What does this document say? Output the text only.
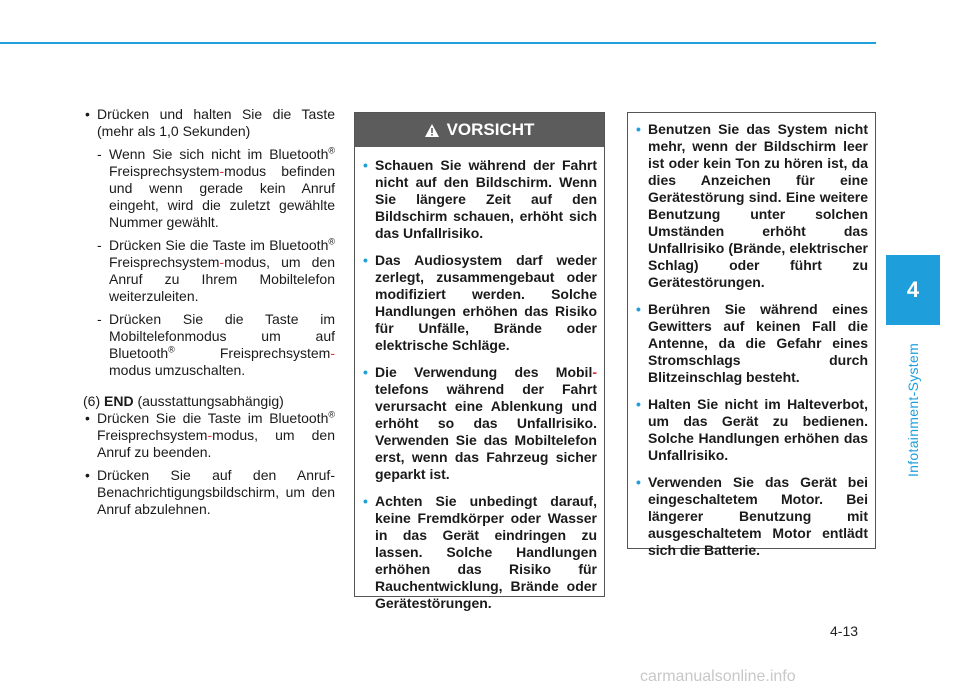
4
Infotainment-System
• Drücken und halten Sie die Taste (mehr als 1,0 Sekunden)
- Wenn Sie sich nicht im Bluetooth® Freisprechsystem-modus befinden und wenn gerade kein Anruf eingeht, wird die zuletzt gewählte Nummer gewählt.
- Drücken Sie die Taste im Bluetooth® Freisprechsystem-modus, um den Anruf zu Ihrem Mobiltelefon weiterzuleiten.
- Drücken Sie die Taste im Mobiltelefonmodus um auf Bluetooth® Freisprechsystem-modus umzuschalten.
(6) END (ausstattungsabhängig)
• Drücken Sie die Taste im Bluetooth® Freisprechsystem-modus, um den Anruf zu beenden.
• Drücken Sie auf den Anruf-Benachrichtigungsbildschirm, um den Anruf abzulehnen.
VORSICHT
• Schauen Sie während der Fahrt nicht auf den Bildschirm. Wenn Sie längere Zeit auf den Bildschirm schauen, erhöht sich das Unfallrisiko.
• Das Audiosystem darf weder zerlegt, zusammengebaut oder modifiziert werden. Solche Handlungen erhöhen das Risiko für Unfälle, Brände oder elektrische Schläge.
• Die Verwendung des Mobil-telefons während der Fahrt verursacht eine Ablenkung und erhöht so das Unfallrisiko. Verwenden Sie das Mobiltelefon erst, wenn das Fahrzeug sicher geparkt ist.
• Achten Sie unbedingt darauf, keine Fremdkörper oder Wasser in das Gerät eindringen zu lassen. Solche Handlungen erhöhen das Risiko für Rauchentwicklung, Brände oder Gerätestörungen.
• Benutzen Sie das System nicht mehr, wenn der Bildschirm leer ist oder kein Ton zu hören ist, da dies Anzeichen für eine Gerätestörung sind. Eine weitere Benutzung unter solchen Umständen erhöht das Unfallrisiko (Brände, elektrischer Schlag) oder führt zu Gerätestörungen.
• Berühren Sie während eines Gewitters auf keinen Fall die Antenne, da die Gefahr eines Stromschlags durch Blitzeinschlag besteht.
• Halten Sie nicht im Halteverbot, um das Gerät zu bedienen. Solche Handlungen erhöhen das Unfallrisiko.
• Verwenden Sie das Gerät bei eingeschaltetem Motor. Bei längerer Benutzung mit ausgeschaltetem Motor entlädt sich die Batterie.
4-13
carmanualsonline.info
